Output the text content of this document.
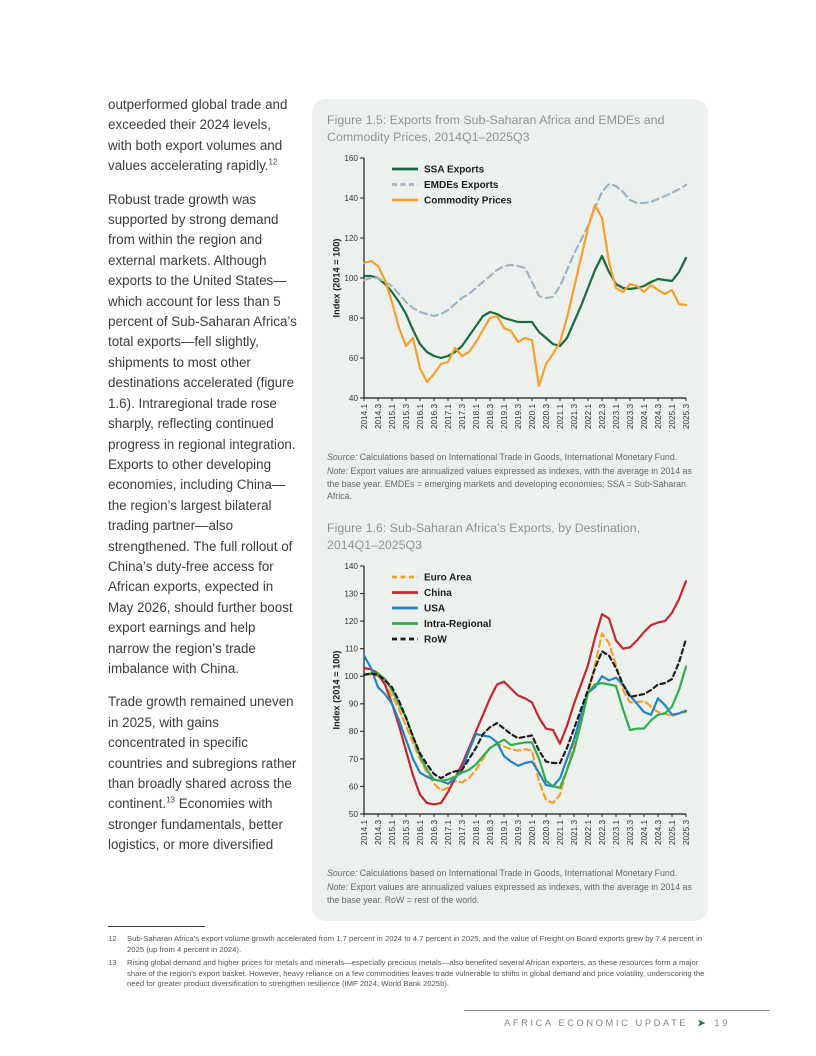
Figure 1.5: Exports from Sub-Saharan Africa and EMDEs and Commodity Prices, 2014Q1–2025Q3
40
60
80
100
120
140
160
2014.1 2014.3 2015.1 2015.3 2016.1 2016.3 2017.1 2017.3 2018.1 2018.3 2019.1 2019.3 2020.1 2020.3 2021.1 2021.3 2022.1 2022.3 2023.1 2023.3 2024.1 2024.3 2025.1 2025.3
Index (2014 = 100)
SSA Exports
EMDEs Exports
Commodity Prices
Source: Calculations based on International Trade in Goods, International Monetary Fund.
Note: Export values are annualized values expressed as indexes, with the average in 2014 as the base year. EMDEs = emerging markets and developing economies; SSA = Sub-Saharan Africa.
Figure 1.6: Sub-Saharan Africa’s Exports, by Destination, 2014Q1–2025Q3
50
60
70
80
90
100
110
120
130
140
2014.1 2014.3 2015.1 2015.3 2016.1 2016.3 2017.1 2017.3 2018.1 2018.3 2019.1 2019.3 2020.1 2020.3 2021.1 2021.3 2022.1 2022.3 2023.1 2023.3 2024.1 2024.3 2025.1 2025.3
Index (2014 = 100)
Euro Area
China
USA
Intra-Regional
RoW
Source: Calculations based on International Trade in Goods, International Monetary Fund.
Note: Export values are annualized values expressed as indexes, with the average in 2014 as the base year. RoW = rest of the world.

outperformed global trade and exceeded their 2024 levels, with both export volumes and values accelerating rapidly.$^{12}$

Robust trade growth was supported by strong demand from within the region and external markets. Although exports to the United States—which account for less than 5 percent of Sub-Saharan Africa’s total exports—fell slightly, shipments to most other destinations accelerated (figure 1.6). Intraregional trade rose sharply, reflecting continued progress in regional integration. Exports to other developing economies, including China—the region’s largest bilateral trading partner—also strengthened. The full rollout of China’s duty-free access for African exports, expected in May 2026, should further boost export earnings and help narrow the region’s trade imbalance with China.

Trade growth remained uneven in 2025, with gains concentrated in specific countries and subregions rather than broadly shared across the continent.$^{13}$ Economies with stronger fundamentals, better logistics, or more diversified

12	Sub-Saharan Africa’s export volume growth accelerated from 1.7 percent in 2024 to 4.7 percent in 2025, and the value of Freight on Board exports grew by 7.4 percent in 2025 (up from 4 percent in 2024).
13	Rising global demand and higher prices for metals and minerals—especially precious metals—also benefited several African exporters, as these resources form a major share of the region’s export basket. However, heavy reliance on a few commodities leaves trade vulnerable to shifts in global demand and price volatility, underscoring the need for greater product diversification to strengthen resilience (IMF 2024; World Bank 2025b).
AFRICA ECONOMIC UPDATE ➤ 19
